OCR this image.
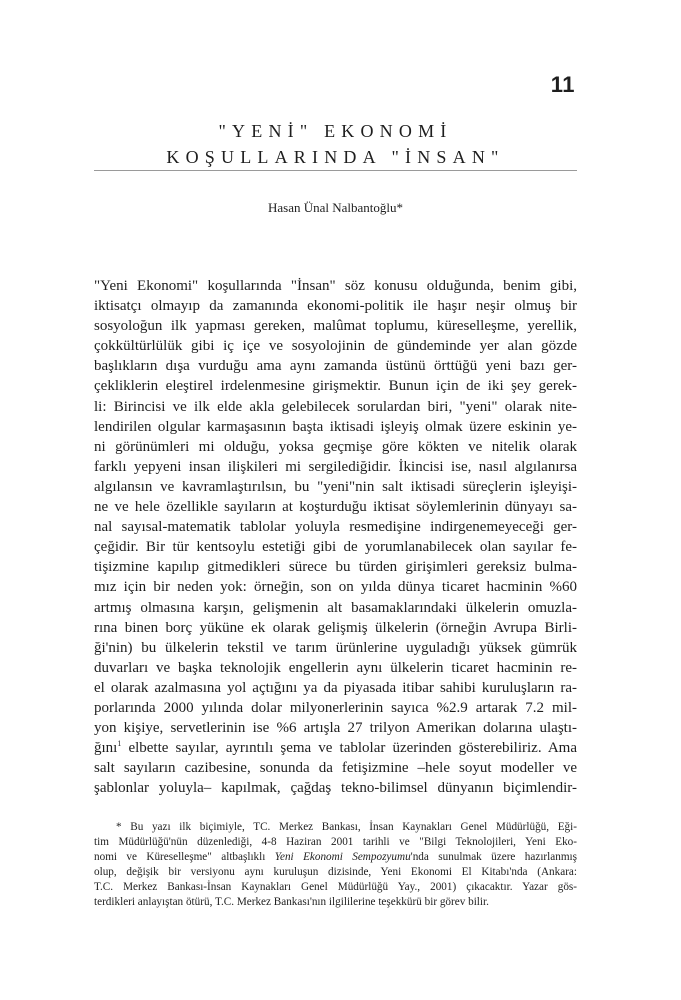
11
"YENİ" EKONOMİ
KOŞULLARINDA "İNSAN"
Hasan Ünal Nalbantoğlu*
"Yeni Ekonomi" koşullarında "İnsan" söz konusu olduğunda, benim gibi,
iktisatçı olmayıp da zamanında ekonomi-politik ile haşır neşir olmuş bir
sosyoloğun ilk yapması gereken, malûmat toplumu, küreselleşme, yerellik,
çokkültürlülük gibi iç içe ve sosyolojinin de gündeminde yer alan gözde
başlıkların dışa vurduğu ama aynı zamanda üstünü örttüğü yeni bazı ger-
çekliklerin eleştirel irdelenmesine girişmektir. Bunun için de iki şey gerek-
li: Birincisi ve ilk elde akla gelebilecek sorulardan biri, "yeni" olarak nite-
lendirilen olgular karmaşasının başta iktisadi işleyiş olmak üzere eskinin ye-
ni görünümleri mi olduğu, yoksa geçmişe göre kökten ve nitelik olarak
farklı yepyeni insan ilişkileri mi sergilediğidir. İkincisi ise, nasıl algılanırsa
algılansın ve kavramlaştırılsın, bu "yeni"nin salt iktisadi süreçlerin işleyişi-
ne ve hele özellikle sayıların at koşturduğu iktisat söylemlerinin dünyayı sa-
nal sayısal-matematik tablolar yoluyla resmedişine indirgenemeyeceği ger-
çeğidir. Bir tür kentsoylu estetiği gibi de yorumlanabilecek olan sayılar fe-
tişizmine kapılıp gitmedikleri sürece bu türden girişimleri gereksiz bulma-
mız için bir neden yok: örneğin, son on yılda dünya ticaret hacminin %60
artmış olmasına karşın, gelişmenin alt basamaklarındaki ülkelerin omuzla-
rına binen borç yüküne ek olarak gelişmiş ülkelerin (örneğin Avrupa Birli-
ği'nin) bu ülkelerin tekstil ve tarım ürünlerine uyguladığı yüksek gümrük
duvarları ve başka teknolojik engellerin aynı ülkelerin ticaret hacminin re-
el olarak azalmasına yol açtığını ya da piyasada itibar sahibi kuruluşların ra-
porlarında 2000 yılında dolar milyonerlerinin sayıca %2.9 artarak 7.2 mil-
yon kişiye, servetlerinin ise %6 artışla 27 trilyon Amerikan dolarına ulaştı-
ğını$^1$ elbette sayılar, ayrıntılı şema ve tablolar üzerinden gösterebiliriz. Ama
salt sayıların cazibesine, sonunda da fetişizmine –hele soyut modeller ve
şablonlar yoluyla– kapılmak, çağdaş tekno-bilimsel dünyanın biçimlendir-
* Bu yazı ilk biçimiyle, TC. Merkez Bankası, İnsan Kaynakları Genel Müdürlüğü, Eği-
tim Müdürlüğü'nün düzenlediği, 4-8 Haziran 2001 tarihli ve "Bilgi Teknolojileri, Yeni Eko-
nomi ve Küreselleşme" altbaşlıklı Yeni Ekonomi Sempozyumu'nda sunulmak üzere hazırlanmış
olup, değişik bir versiyonu aynı kuruluşun dizisinde, Yeni Ekonomi El Kitabı'nda (Ankara:
T.C. Merkez Bankası-İnsan Kaynakları Genel Müdürlüğü Yay., 2001) çıkacaktır. Yazar gös-
terdikleri anlayıştan ötürü, T.C. Merkez Bankası'nın ilgililerine teşekkürü bir görev bilir.
